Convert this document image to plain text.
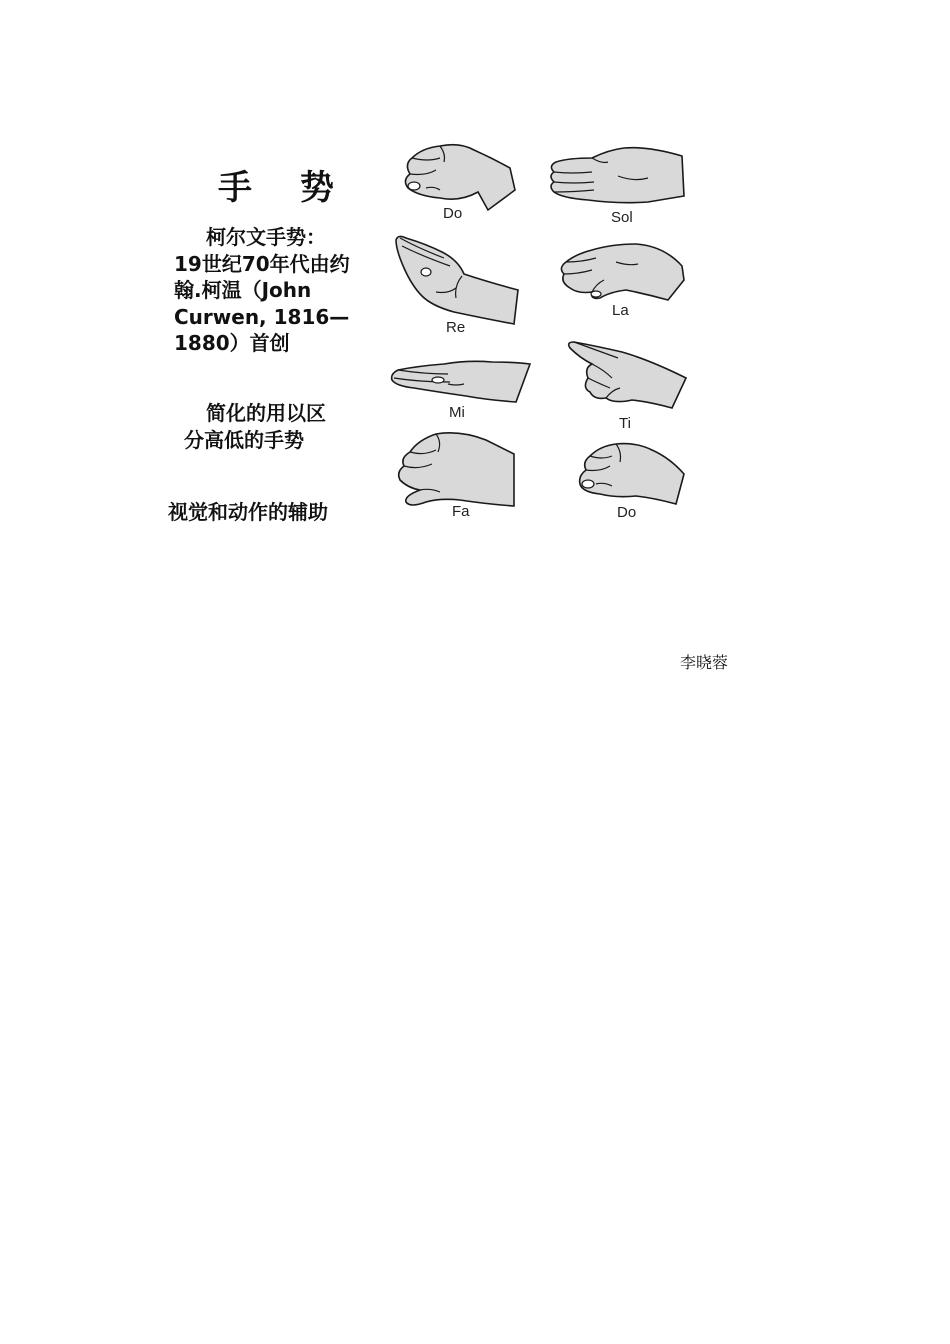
手 势
柯尔文手势：
19世纪70年代由约
翰.柯温（John
Curwen, 1816—
1880）首创
简化的用以区
分高低的手势
视觉和动作的辅助
Do	Sol
Re
La
Mi
Ti
Fa	Do
李晓蓉
